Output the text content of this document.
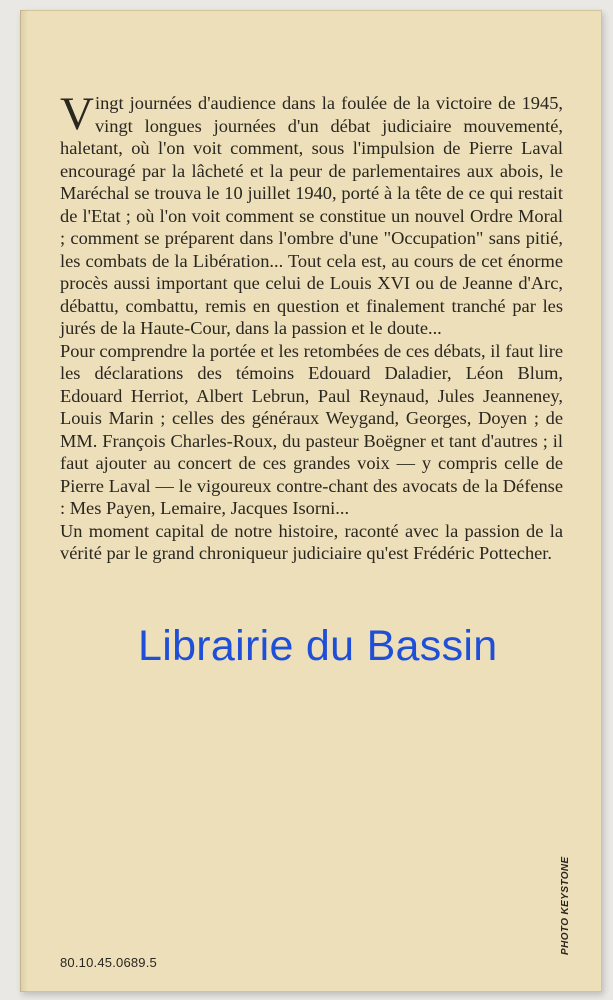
Vingt journées d'audience dans la foulée de la victoire de 1945, vingt longues journées d'un débat judiciaire mouvementé, haletant, où l'on voit comment, sous l'impulsion de Pierre Laval encouragé par la lâcheté et la peur de parlementaires aux abois, le Maréchal se trouva le 10 juillet 1940, porté à la tête de ce qui restait de l'Etat ; où l'on voit comment se constitue un nouvel Ordre Moral ; comment se préparent dans l'ombre d'une "Occupation" sans pitié, les combats de la Libération... Tout cela est, au cours de cet énorme procès aussi important que celui de Louis XVI ou de Jeanne d'Arc, débattu, combattu, remis en question et finalement tranché par les jurés de la Haute-Cour, dans la passion et le doute...

Pour comprendre la portée et les retombées de ces débats, il faut lire les déclarations des témoins Edouard Daladier, Léon Blum, Edouard Herriot, Albert Lebrun, Paul Reynaud, Jules Jeanneney, Louis Marin ; celles des généraux Weygand, Georges, Doyen ; de MM. François Charles-Roux, du pasteur Boëgner et tant d'autres ; il faut ajouter au concert de ces grandes voix — y compris celle de Pierre Laval — le vigoureux contre-chant des avocats de la Défense : Mes Payen, Lemaire, Jacques Isorni...

Un moment capital de notre histoire, raconté avec la passion de la vérité par le grand chroniqueur judiciaire qu'est Frédéric Pottecher.

Librairie du Bassin
PHOTO KEYSTONE
80.10.45.0689.5
